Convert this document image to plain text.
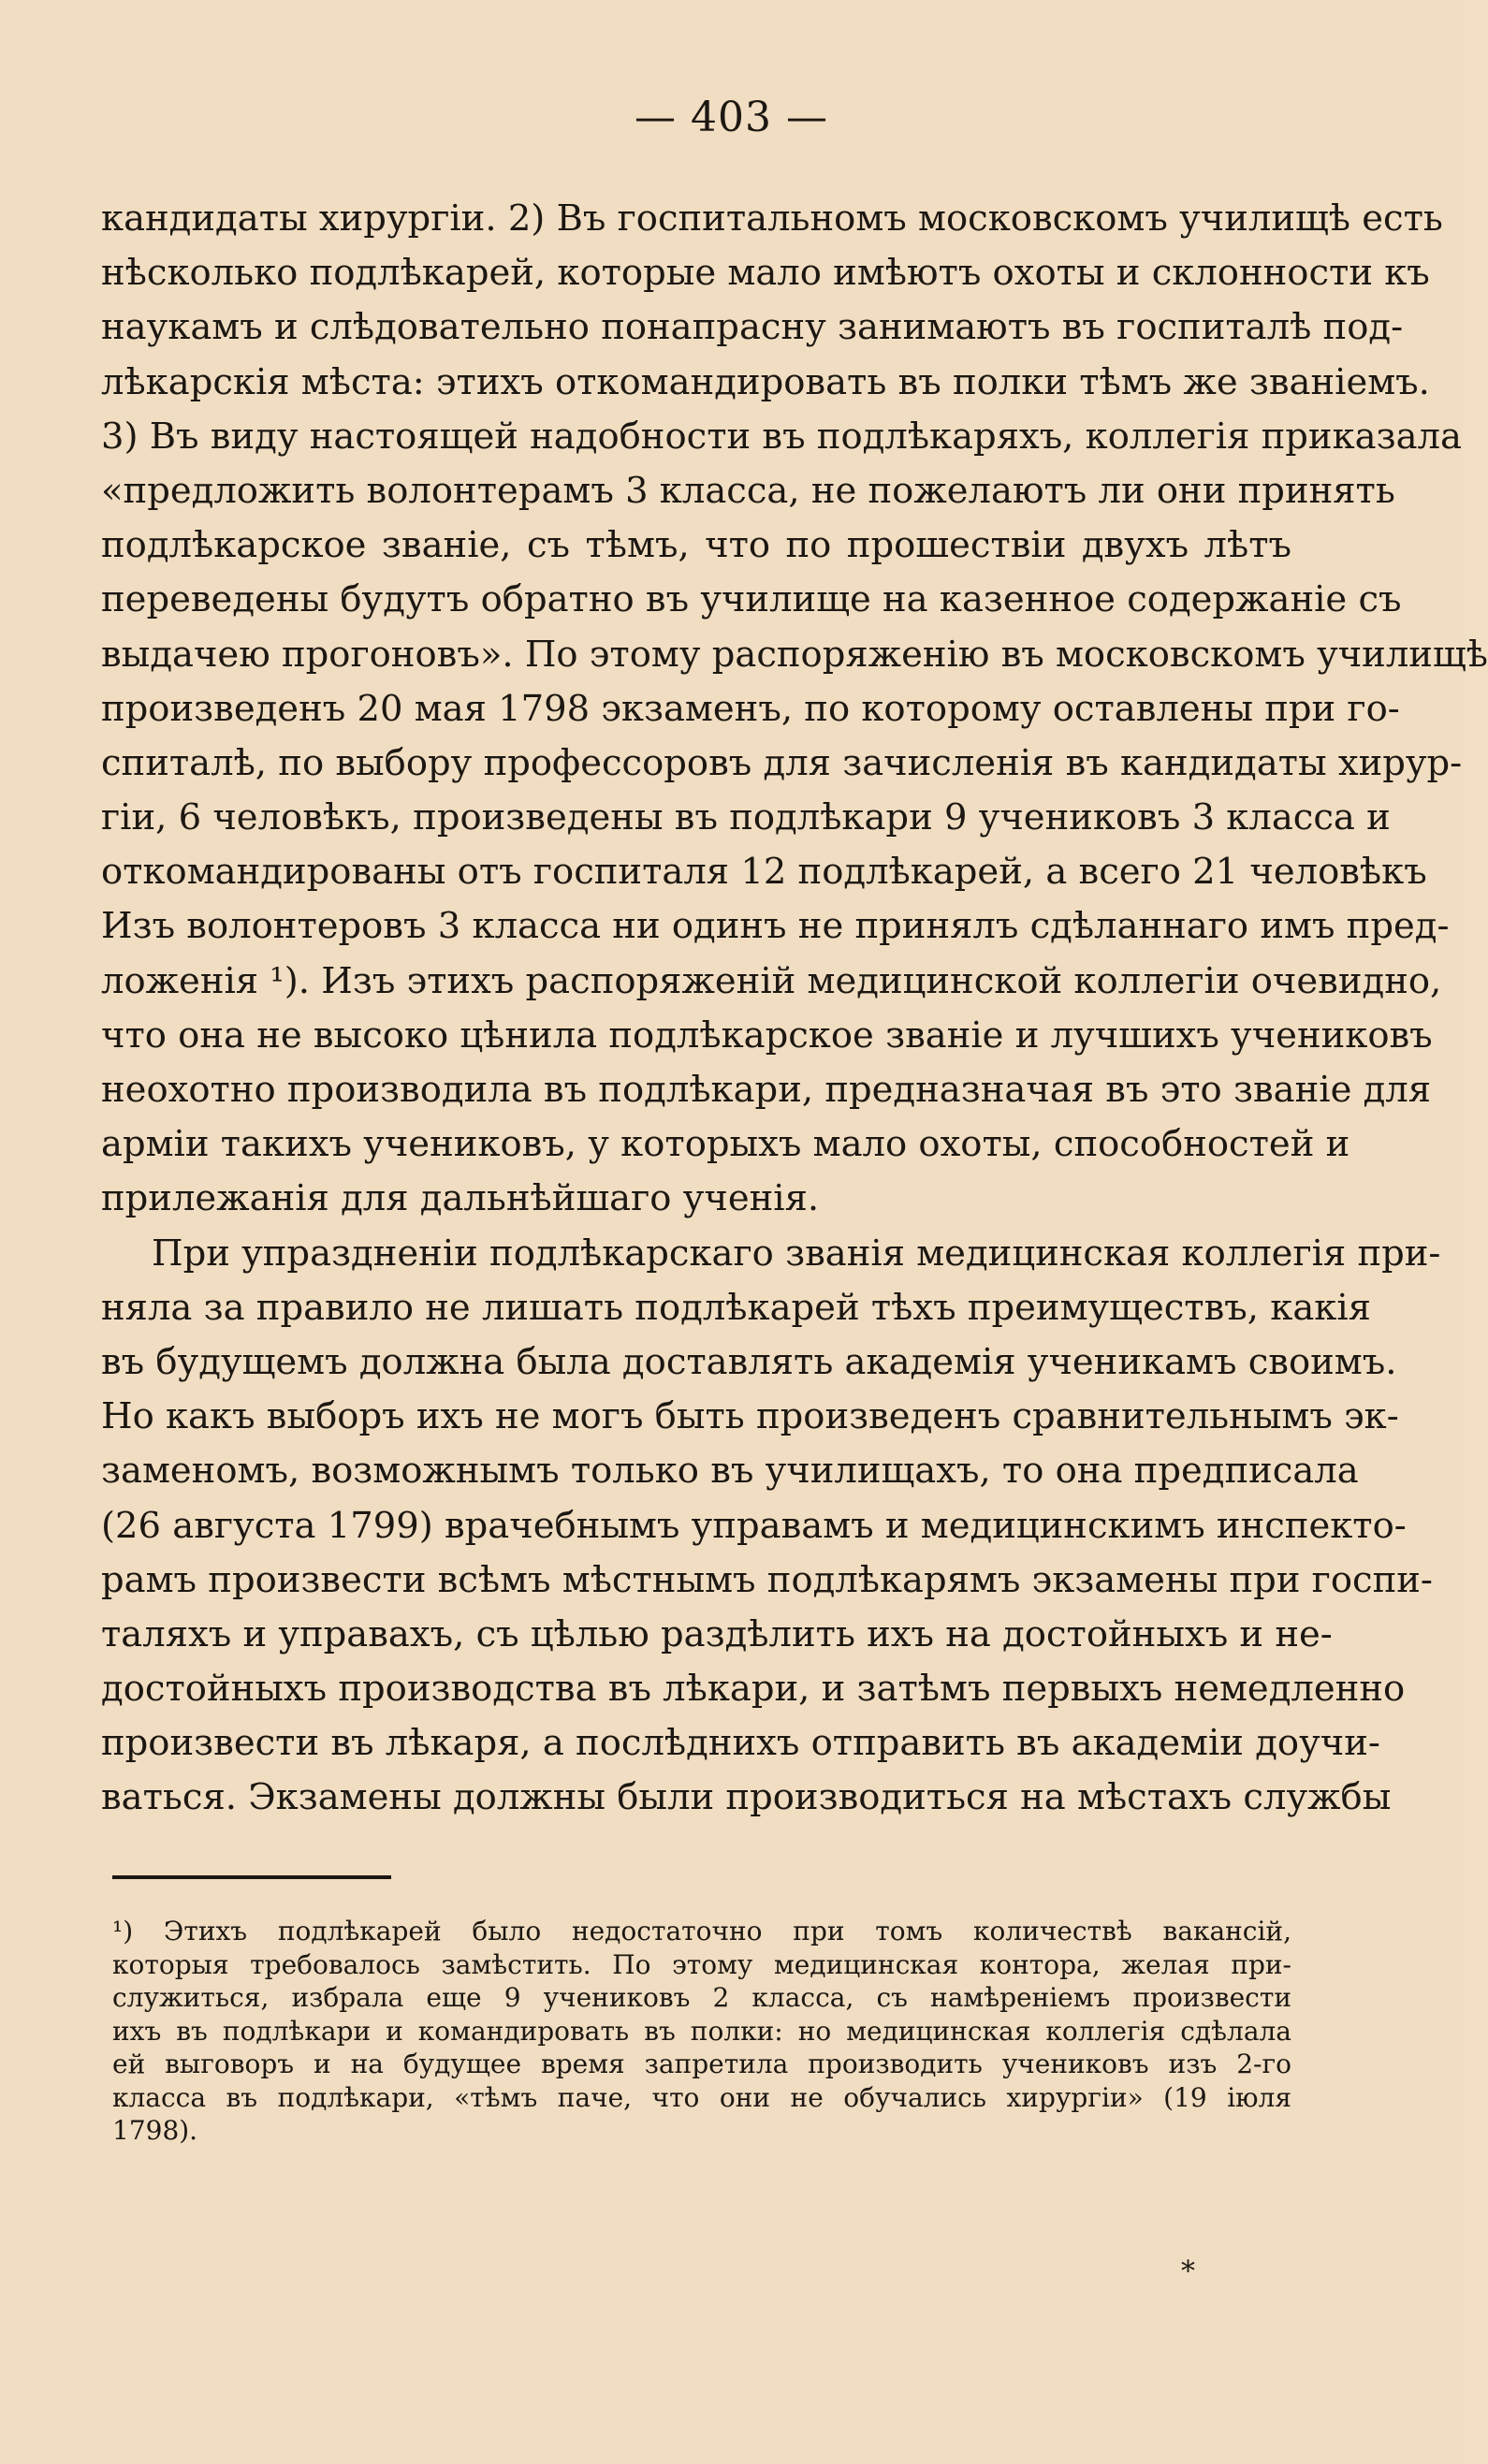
— 403 —
кандидаты хирургіи. 2) Въ госпитальномъ московскомъ училищѣ есть
нѣсколько подлѣкарей, которые мало имѣютъ охоты и склонности къ
наукамъ и слѣдовательно понапрасну занимаютъ въ госпиталѣ под-
лѣкарскія мѣста: этихъ откомандировать въ полки тѣмъ же званіемъ.
3) Въ виду настоящей надобности въ подлѣкаряхъ, коллегія приказала
«предложить волонтерамъ 3 класса, не пожелаютъ ли они принять
подлѣкарское званіе, съ тѣмъ, что по прошествіи двухъ лѣтъ
переведены будутъ обратно въ училище на казенное содержаніе съ
выдачею прогоновъ». По этому распоряженію въ московскомъ училищѣ
произведенъ 20 мая 1798 экзаменъ, по которому оставлены при го-
спиталѣ, по выбору профессоровъ для зачисленія въ кандидаты хирур-
гіи, 6 человѣкъ, произведены въ подлѣкари 9 учениковъ 3 класса и
откомандированы отъ госпиталя 12 подлѣкарей, а всего 21 человѣкъ
Изъ волонтеровъ 3 класса ни одинъ не принялъ сдѣланнаго имъ пред-
ложенія ¹). Изъ этихъ распоряженій медицинской коллегіи очевидно,
что она не высоко цѣнила подлѣкарское званіе и лучшихъ учениковъ
неохотно производила въ подлѣкари, предназначая въ это званіе для
арміи такихъ учениковъ, у которыхъ мало охоты, способностей и
прилежанія для дальнѣйшаго ученія.
При упраздненіи подлѣкарскаго званія медицинская коллегія при-
няла за правило не лишать подлѣкарей тѣхъ преимуществъ, какія
въ будущемъ должна была доставлять академія ученикамъ своимъ.
Но какъ выборъ ихъ не могъ быть произведенъ сравнительнымъ эк-
заменомъ, возможнымъ только въ училищахъ, то она предписала
(26 августа 1799) врачебнымъ управамъ и медицинскимъ инспекто-
рамъ произвести всѣмъ мѣстнымъ подлѣкарямъ экзамены при госпи-
таляхъ и управахъ, съ цѣлью раздѣлить ихъ на достойныхъ и не-
достойныхъ производства въ лѣкари, и затѣмъ первыхъ немедленно
произвести въ лѣкаря, а послѣднихъ отправить въ академіи доучи-
ваться. Экзамены должны были производиться на мѣстахъ службы
¹) Этихъ подлѣкарей было недостаточно при томъ количествѣ вакансій,
которыя требовалось замѣстить. По этому медицинская контора, желая при-
служиться, избрала еще 9 учениковъ 2 класса, съ намѣреніемъ произвести
ихъ въ подлѣкари и командировать въ полки: но медицинская коллегія сдѣлала
ей выговоръ и на будущее время запретила производить учениковъ изъ 2-го
класса въ подлѣкари, «тѣмъ паче, что они не обучались хирургіи» (19 іюля
1798).
*
